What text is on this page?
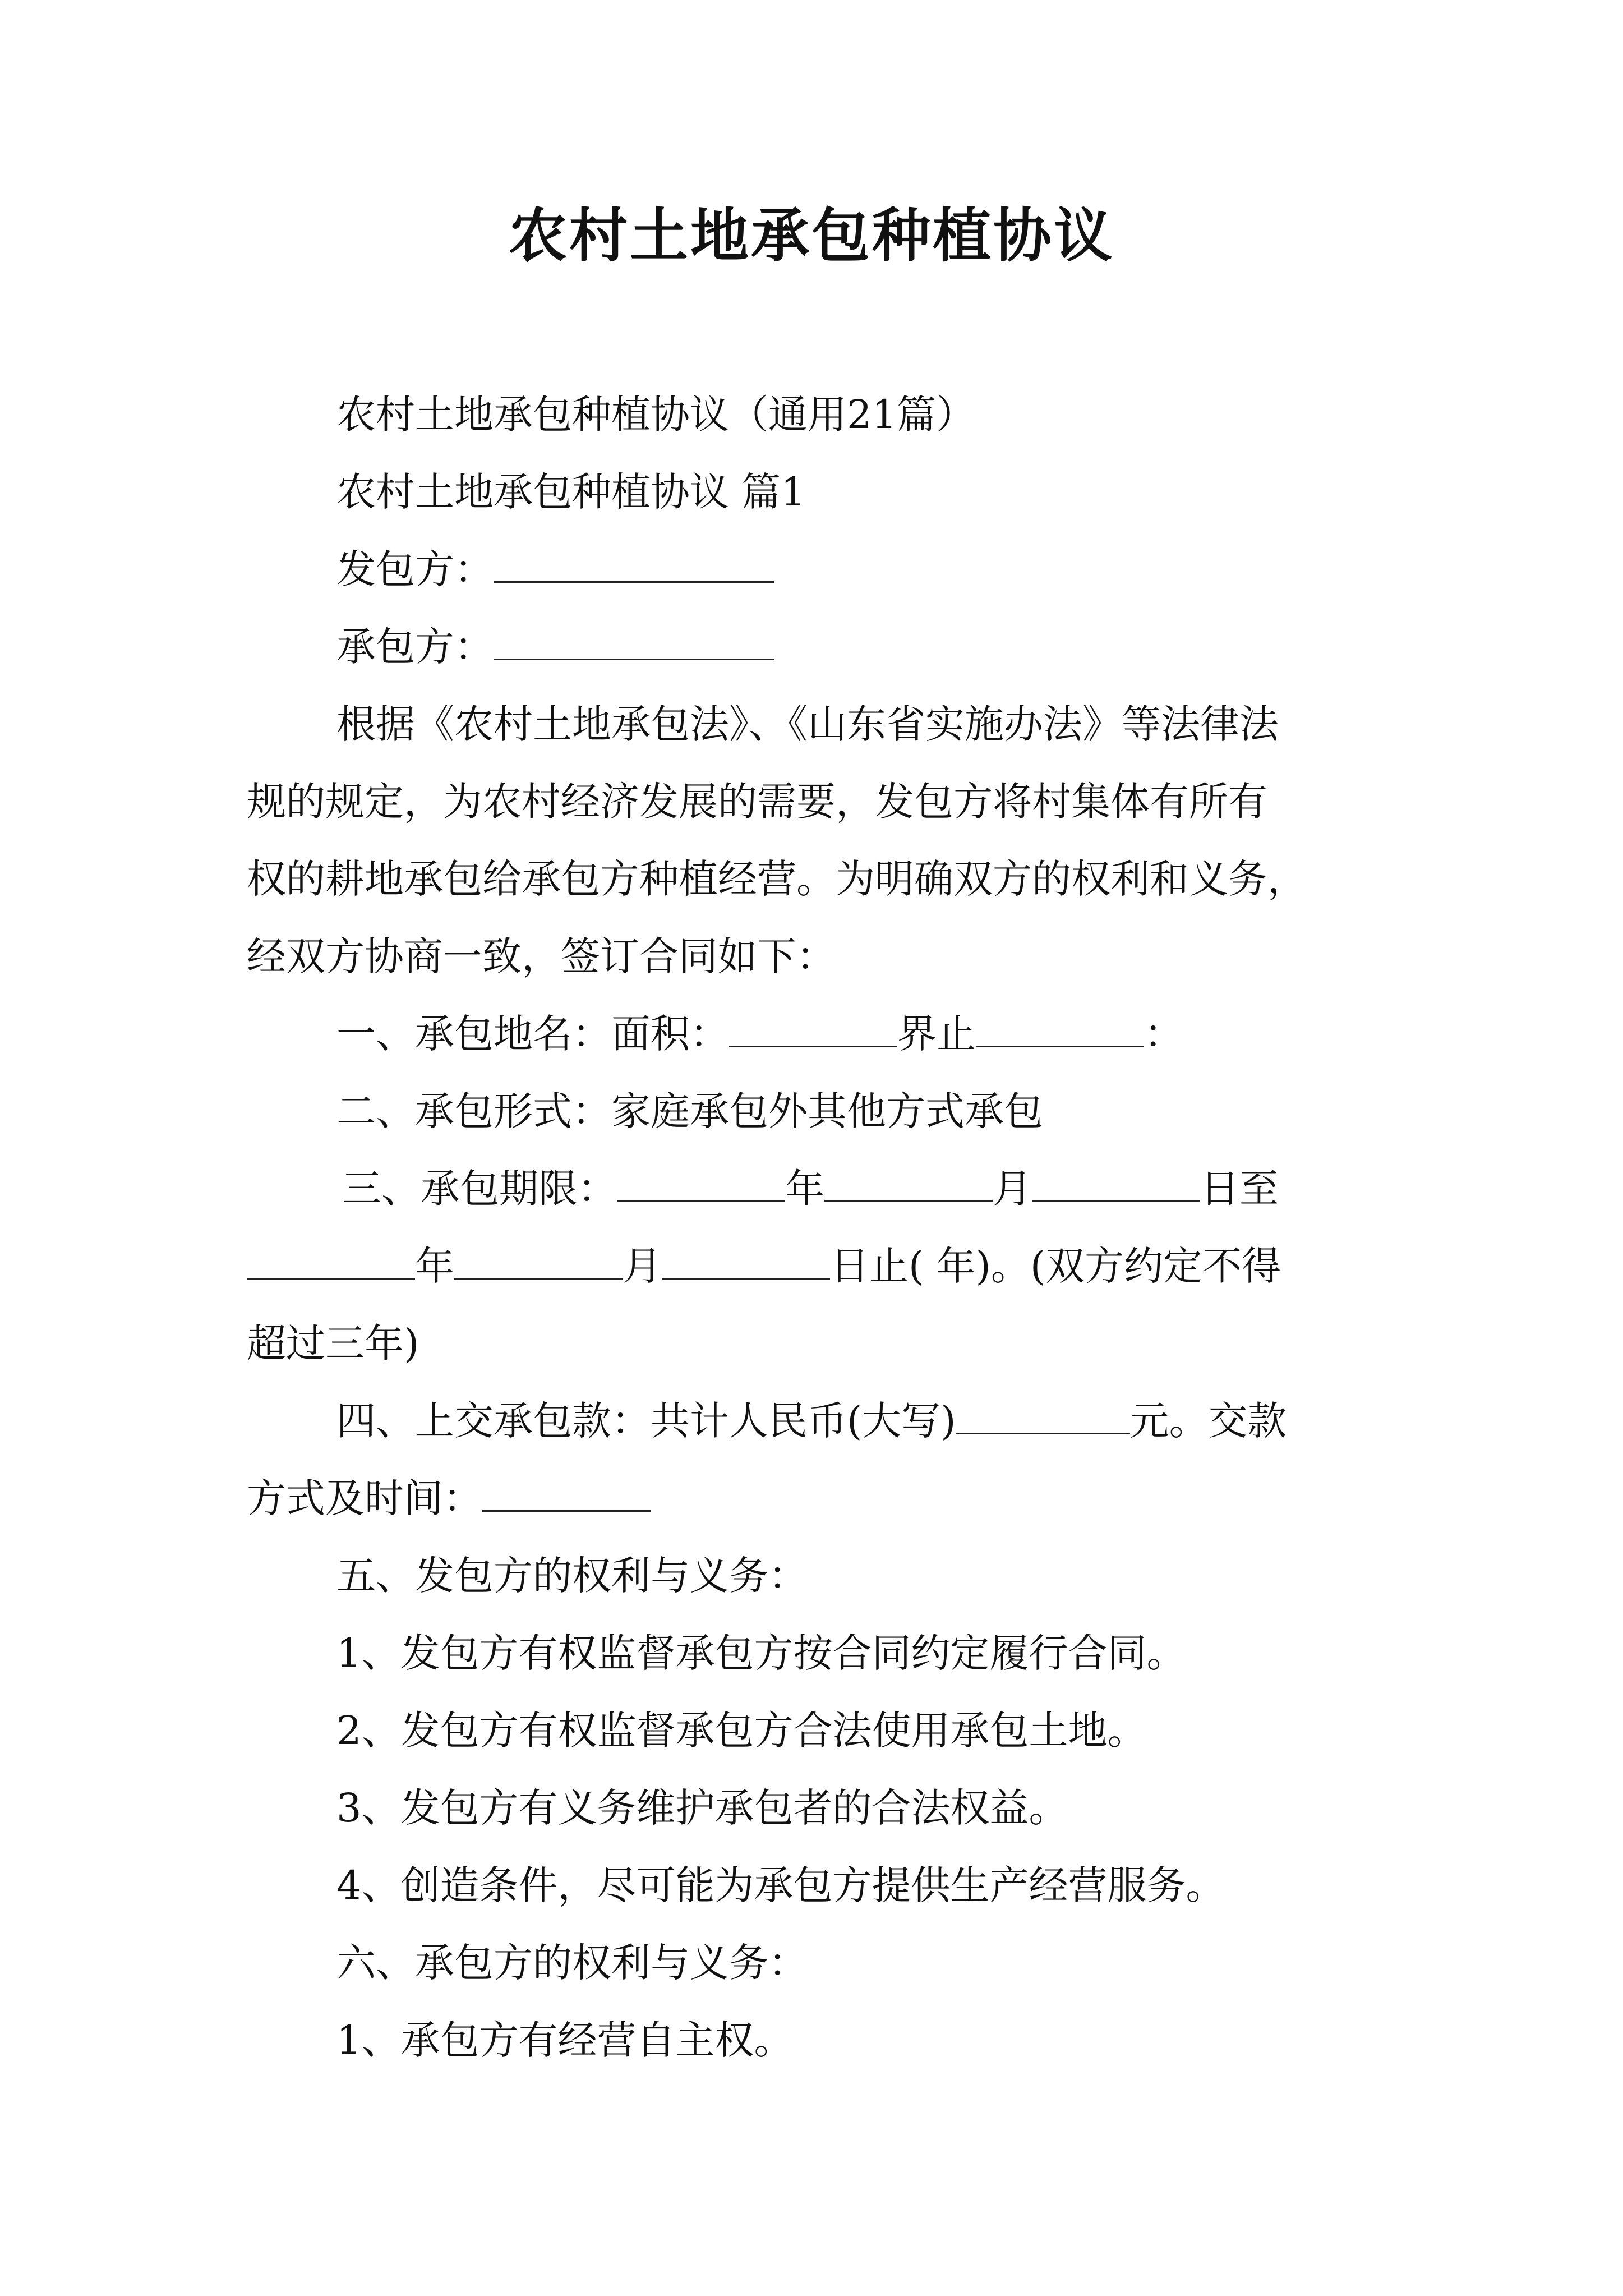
农村土地承包种植协议

农村土地承包种植协议（通用21篇）

农村土地承包种植协议 篇1

发包方：

承包方：

根据《农村土地承包法》、《山东省实施办法》等法律法

规的规定，为农村经济发展的需要，发包方将村集体有所有

权的耕地承包给承包方种植经营。为明确双方的权利和义务，

经双方协商一致，签订合同如下：

一、承包地名：面积：	界止	：

二、承包形式：家庭承包外其他方式承包

三、承包期限：	年	月	日至

年	月	日止( 年)。(双方约定不得

超过三年)

四、上交承包款：共计人民币(大写)	元。交款

方式及时间：

五、发包方的权利与义务：

1、发包方有权监督承包方按合同约定履行合同。

2、发包方有权监督承包方合法使用承包土地。

3、发包方有义务维护承包者的合法权益。

4、创造条件，尽可能为承包方提供生产经营服务。

六、承包方的权利与义务：

1、承包方有经营自主权。
